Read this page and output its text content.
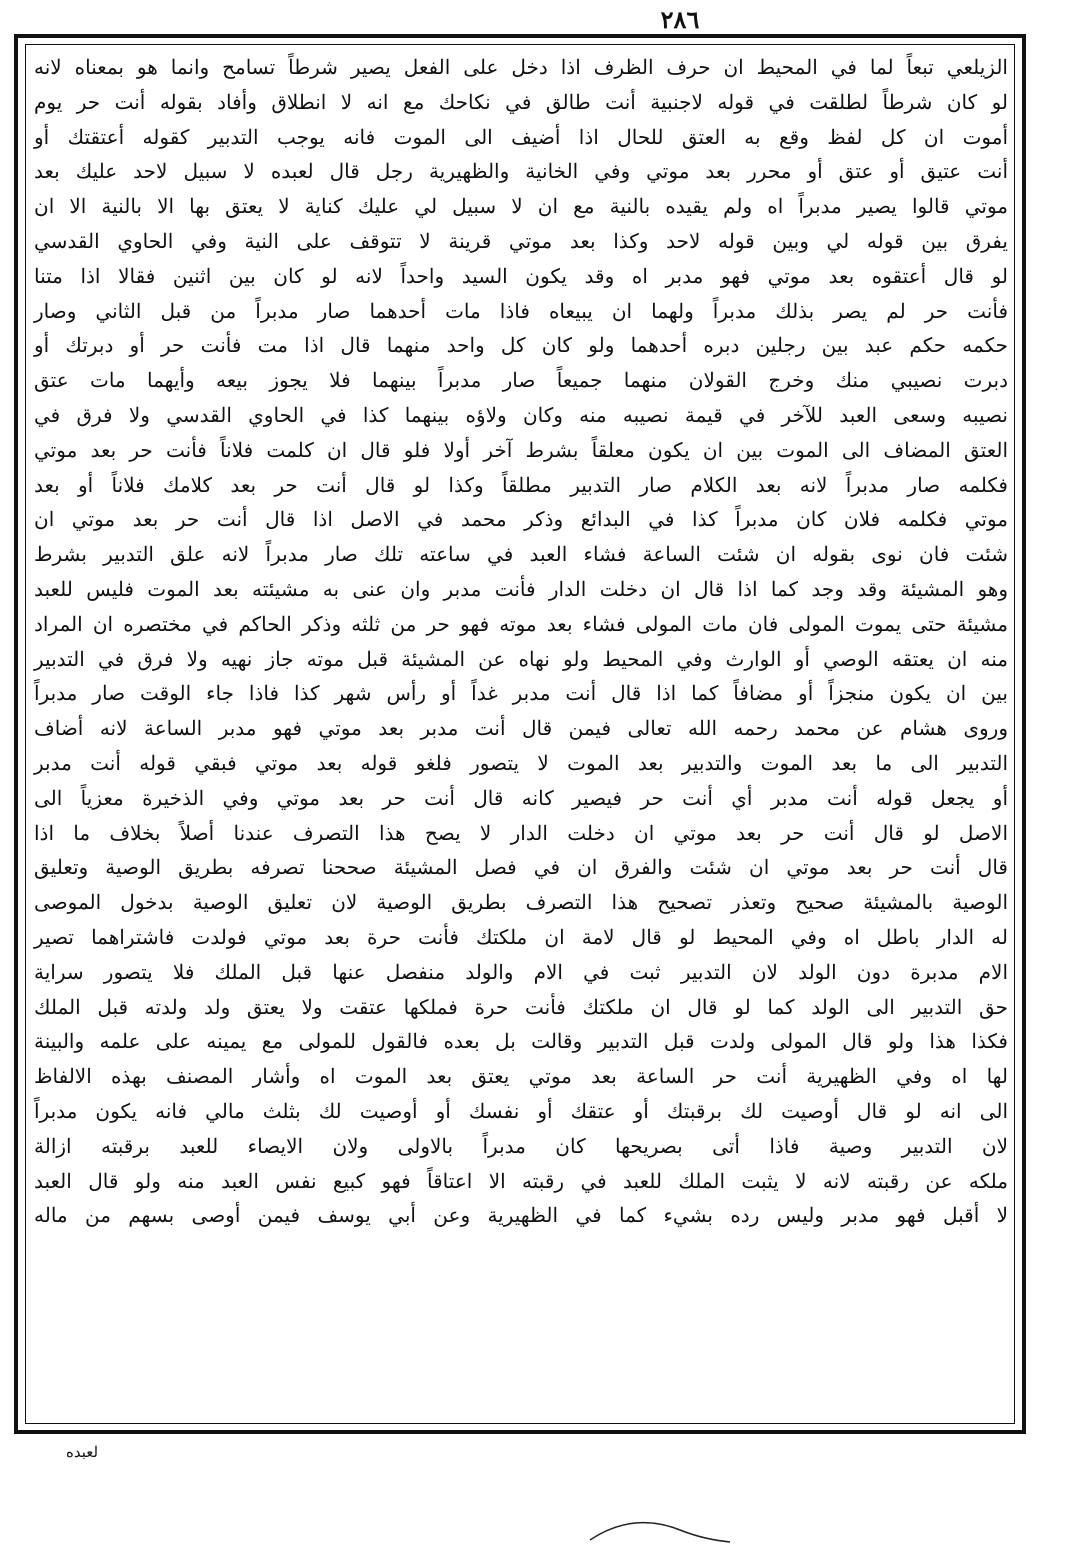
٢٨٦
الزيلعي تبعاً لما في المحيط ان حرف الظرف اذا دخل على الفعل يصير شرطاً تسامح وانما هو بمعناه لانه
لو كان شرطاً لطلقت في قوله لاجنبية أنت طالق في نكاحك مع انه لا انطلاق وأفاد بقوله أنت حر يوم
أموت ان كل لفظ وقع به العتق للحال اذا أضيف الى الموت فانه يوجب التدبير كقوله أعتقتك أو
أنت عتيق أو عتق أو محرر بعد موتي وفي الخانية والظهيرية رجل قال لعبده لا سبيل لاحد عليك بعد
موتي قالوا يصير مدبراً اه ولم يقيده بالنية مع ان لا سبيل لي عليك كناية لا يعتق بها الا بالنية الا ان
يفرق بين قوله لي وبين قوله لاحد وكذا بعد موتي قرينة لا تتوقف على النية وفي الحاوي القدسي
لو قال أعتقوه بعد موتي فهو مدبر اه وقد يكون السيد واحداً لانه لو كان بين اثنين فقالا اذا متنا
فأنت حر لم يصر بذلك مدبراً ولهما ان يبيعاه فاذا مات أحدهما صار مدبراً من قبل الثاني وصار
حكمه حكم عبد بين رجلين دبره أحدهما ولو كان كل واحد منهما قال اذا مت فأنت حر أو دبرتك أو
دبرت نصيبي منك وخرج القولان منهما جميعاً صار مدبراً بينهما فلا يجوز بيعه وأيهما مات عتق
نصيبه وسعى العبد للآخر في قيمة نصيبه منه وكان ولاؤه بينهما كذا في الحاوي القدسي ولا فرق في
العتق المضاف الى الموت بين ان يكون معلقاً بشرط آخر أولا فلو قال ان كلمت فلاناً فأنت حر بعد موتي
فكلمه صار مدبراً لانه بعد الكلام صار التدبير مطلقاً وكذا لو قال أنت حر بعد كلامك فلاناً أو بعد
موتي فكلمه فلان كان مدبراً كذا في البدائع وذكر محمد في الاصل اذا قال أنت حر بعد موتي ان
شئت فان نوى بقوله ان شئت الساعة فشاء العبد في ساعته تلك صار مدبراً لانه علق التدبير بشرط
وهو المشيئة وقد وجد كما اذا قال ان دخلت الدار فأنت مدبر وان عنى به مشيئته بعد الموت فليس للعبد
مشيئة حتى يموت المولى فان مات المولى فشاء بعد موته فهو حر من ثلثه وذكر الحاكم في مختصره ان المراد
منه ان يعتقه الوصي أو الوارث وفي المحيط ولو نهاه عن المشيئة قبل موته جاز نهيه ولا فرق في التدبير
بين ان يكون منجزاً أو مضافاً كما اذا قال أنت مدبر غداً أو رأس شهر كذا فاذا جاء الوقت صار مدبراً
وروى هشام عن محمد رحمه الله تعالى فيمن قال أنت مدبر بعد موتي فهو مدبر الساعة لانه أضاف
التدبير الى ما بعد الموت والتدبير بعد الموت لا يتصور فلغو قوله بعد موتي فبقي قوله أنت مدبر
أو يجعل قوله أنت مدبر أي أنت حر فيصير كانه قال أنت حر بعد موتي وفي الذخيرة معزياً الى
الاصل لو قال أنت حر بعد موتي ان دخلت الدار لا يصح هذا التصرف عندنا أصلاً بخلاف ما اذا
قال أنت حر بعد موتي ان شئت والفرق ان في فصل المشيئة صححنا تصرفه بطريق الوصية وتعليق
الوصية بالمشيئة صحيح وتعذر تصحيح هذا التصرف بطريق الوصية لان تعليق الوصية بدخول الموصى
له الدار باطل اه وفي المحيط لو قال لامة ان ملكتك فأنت حرة بعد موتي فولدت فاشتراهما تصير
الام مدبرة دون الولد لان التدبير ثبت في الام والولد منفصل عنها قبل الملك فلا يتصور سراية
حق التدبير الى الولد كما لو قال ان ملكتك فأنت حرة فملكها عتقت ولا يعتق ولد ولدته قبل الملك
فكذا هذا ولو قال المولى ولدت قبل التدبير وقالت بل بعده فالقول للمولى مع يمينه على علمه والبينة
لها اه وفي الظهيرية أنت حر الساعة بعد موتي يعتق بعد الموت اه وأشار المصنف بهذه الالفاظ
الى انه لو قال أوصيت لك برقبتك أو عتقك أو نفسك أو أوصيت لك بثلث مالي فانه يكون مدبراً
لان التدبير وصية فاذا أتى بصريحها كان مدبراً بالاولى ولان الايصاء للعبد برقبته ازالة
ملكه عن رقبته لانه لا يثبت الملك للعبد في رقبته الا اعتاقاً فهو كبيع نفس العبد منه ولو قال العبد
لا أقبل فهو مدبر وليس رده بشيء كما في الظهيرية وعن أبي يوسف فيمن أوصى بسهم من ماله
لعبده
